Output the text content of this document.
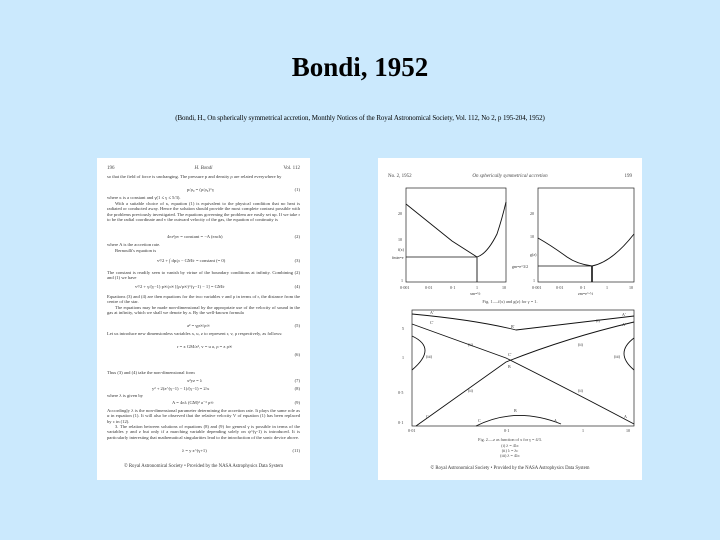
Bondi, 1952
(Bondi, H., On spherically symmetrical accretion, Monthly Notices of the Royal Astronomical Society, Vol. 112, No 2, p 195-204, 1952)
196	H. Bondi	Vol. 112
so that the field of force is unchanging. The pressure p and density ρ are related everywhere by
p/ρ₀ = (ρ/ρ₀)^γ	(1)
where κ is a constant and γ(1 ≤ γ ≤ 5/3).
With a suitable choice of κ, equation (1) is equivalent to the physical condition that no heat is radiated or conducted away. Hence the solution should provide the most complete contrast possible with the problems previously investigated. The equations governing the problem are easily set up. If we take r to be the radial coordinate and v the outward velocity of the gas, the equation of continuity is
4πr²ρv = constant = −A (each)	(2)
where A is the accretion rate.
Bernoulli's equation is
v²/2 + ∫ dp/ρ − GM/r = constant (= 0)	(3)
The constant is readily seen to vanish by virtue of the boundary conditions at infinity. Combining (2) and (1) we have
v²/2 + γ/(γ−1) p∞/ρ∞ [(ρ/ρ∞)^(γ−1) − 1] = GM/r	(4)
Equations (3) and (4) are then equations for the two variables v and ρ in terms of r, the distance from the centre of the star.
The equations may be made non-dimensional by the appropriate use of the velocity of sound in the gas at infinity, which we shall we denote by a. By the well-known formula
a² = γp∞/ρ∞	(5)
Let us introduce new dimensionless variables x, u, z to represent r, v, ρ respectively, as follows:
r = x GM/a², v = u a, ρ = z ρ∞
(6)
Thus (3) and (4) take the non-dimensional form
x²yz = λ	(7)
y² + 2(z^(γ−1) − 1)/(γ−1) = 2/x	(8)
where λ is given by
A = 4πλ (GM)² a⁻³ ρ∞	(9)
Accordingly λ is the non-dimensional parameter determining the accretion rate. It plays the same role as α in equation (1). It will also be observed that the relative velocity V of equation (1) has been replaced by c in (12).
3. The relation between solutions of equations (8) and (9) for general γ is possible in terms of the variables y and z but only if a marching variable depending solely on ψ^(γ-1) is introduced. It is particularly interesting that mathematical singularities lead to the introduction of the sonic device above.
λ = y z^(γ+1)	(11)
© Royal Astronomical Society • Provided by the NASA Astrophysics Data System
No. 2, 1952	On spherically symmetrical accretion	199
20
10
fmin=e
f(x)
1
0·001	0·01	0·1	1	10
xm=½
20
10
gm=e^3/2
g(z)
1
0·001	0·01	0·1	1	10
zm=e^-½
Fig. 1.—f(x) and g(z) for γ = 1.
5
1
0·5
0·1
0·01	0·1	1	10
(iii)	(iii)
(ii)	(ii)
(ii)	(ii)
(i)
B'
C'
B
B
A'
C'
A'
A'
C
C	A
A
Fig. 2.—z as function of x for γ = 4/3.
(i) λ = 4λc
(ii) λ = λc
(iii) λ = 4λc
© Royal Astronomical Society • Provided by the NASA Astrophysics Data System
